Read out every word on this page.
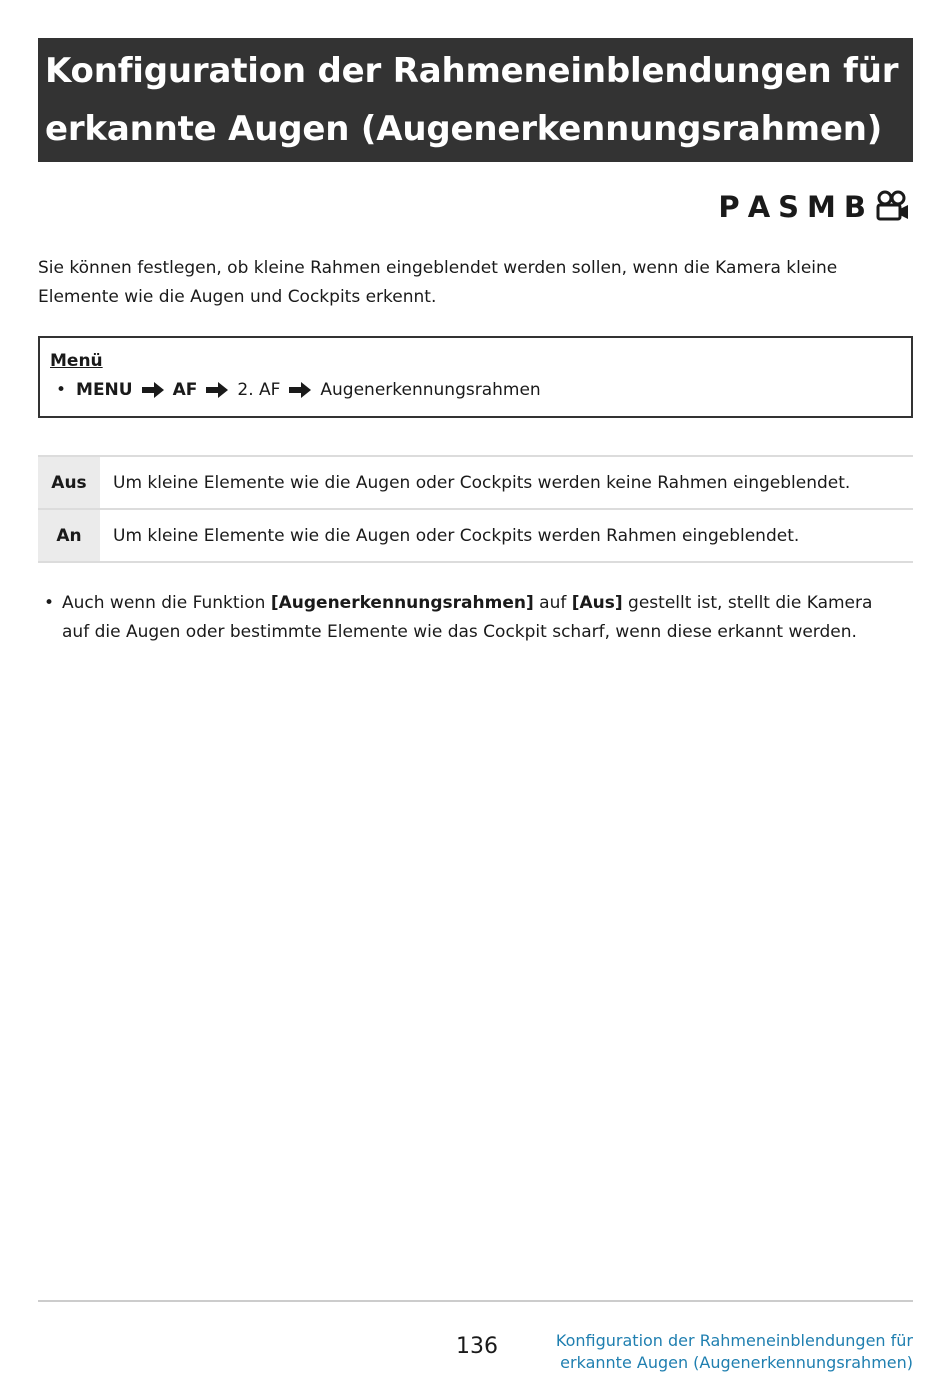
Konfiguration der Rahmeneinblendungen für
erkannte Augen (Augenerkennungsrahmen)
P A S M B

Sie können festlegen, ob kleine Rahmen eingeblendet werden sollen, wenn die Kamera kleine Elemente wie die Augen und Cockpits erkennt.

Menü
• MENU AF 2. AF Augenerkennungsrahmen
Aus	Um kleine Elemente wie die Augen oder Cockpits werden keine Rahmen eingeblendet.
An	Um kleine Elemente wie die Augen oder Cockpits werden Rahmen eingeblendet.
• Auch wenn die Funktion [Augenerkennungsrahmen] auf [Aus] gestellt ist, stellt die Kamera auf die Augen oder bestimmte Elemente wie das Cockpit scharf, wenn diese erkannt werden.
136	Konfiguration der Rahmeneinblendungen für
erkannte Augen (Augenerkennungsrahmen)
